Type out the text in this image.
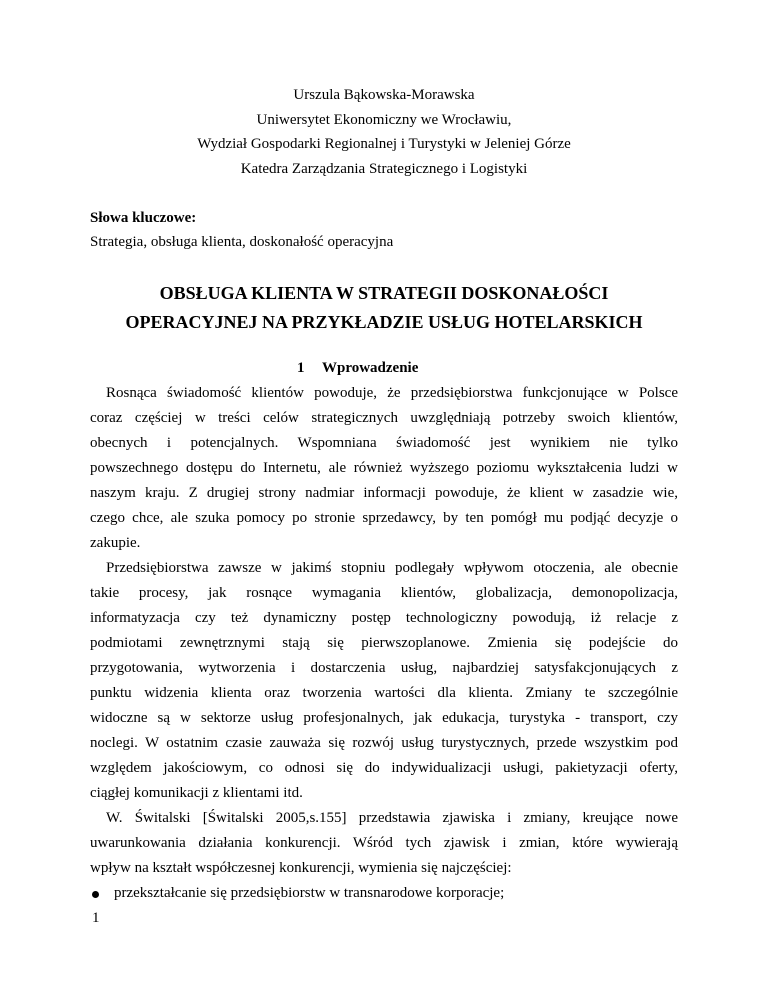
Urszula Bąkowska-Morawska
Uniwersytet Ekonomiczny we Wrocławiu,
Wydział Gospodarki Regionalnej i Turystyki w Jeleniej Górze
Katedra Zarządzania Strategicznego i Logistyki
Słowa kluczowe:
Strategia, obsługa klienta, doskonałość operacyjna
OBSŁUGA KLIENTA W STRATEGII DOSKONAŁOŚCI
OPERACYJNEJ NA PRZYKŁADZIE USŁUG HOTELARSKICH
1 Wprowadzenie
Rosnąca świadomość klientów powoduje, że przedsiębiorstwa funkcjonujące w Polsce
coraz częściej w treści celów strategicznych uwzględniają potrzeby swoich klientów,
obecnych i potencjalnych. Wspomniana świadomość jest wynikiem nie tylko
powszechnego dostępu do Internetu, ale również wyższego poziomu wykształcenia ludzi w
naszym kraju. Z drugiej strony nadmiar informacji powoduje, że klient w zasadzie wie,
czego chce, ale szuka pomocy po stronie sprzedawcy, by ten pomógł mu podjąć decyzje o
zakupie.
Przedsiębiorstwa zawsze w jakimś stopniu podlegały wpływom otoczenia, ale obecnie
takie procesy, jak rosnące wymagania klientów, globalizacja, demonopolizacja,
informatyzacja czy też dynamiczny postęp technologiczny powodują, iż relacje z
podmiotami zewnętrznymi stają się pierwszoplanowe. Zmienia się podejście do
przygotowania, wytworzenia i dostarczenia usług, najbardziej satysfakcjonujących z
punktu widzenia klienta oraz tworzenia wartości dla klienta. Zmiany te szczególnie
widoczne są w sektorze usług profesjonalnych, jak edukacja, turystyka - transport, czy
noclegi. W ostatnim czasie zauważa się rozwój usług turystycznych, przede wszystkim pod
względem jakościowym, co odnosi się do indywidualizacji usługi, pakietyzacji oferty,
ciągłej komunikacji z klientami itd.
W. Świtalski [Świtalski 2005,s.155] przedstawia zjawiska i zmiany, kreujące nowe
uwarunkowania działania konkurencji. Wśród tych zjawisk i zmian, które wywierają
wpływ na kształt współczesnej konkurencji, wymienia się najczęściej:
przekształcanie się przedsiębiorstw w transnarodowe korporacje;
1
